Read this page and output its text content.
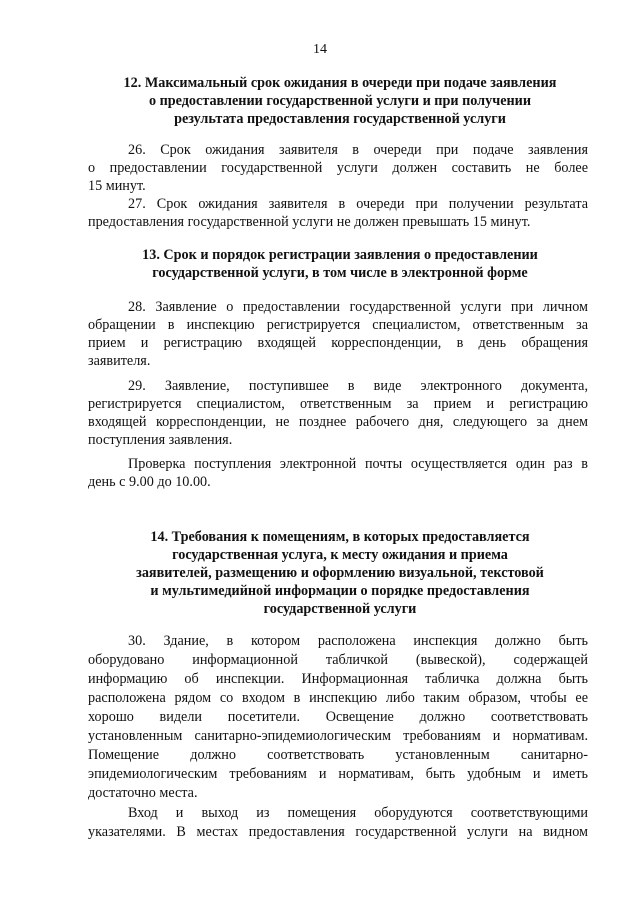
14
12. Максимальный срок ожидания в очереди при подаче заявления
о предоставлении государственной услуги и при получении
результата предоставления государственной услуги
26. Срок ожидания заявителя в очереди при подаче заявления
о предоставлении государственной услуги должен составить не более
15 минут.
27. Срок ожидания заявителя в очереди при получении результата
предоставления государственной услуги не должен превышать 15 минут.
13. Срок и порядок регистрации заявления о предоставлении
государственной услуги, в том числе в электронной форме
28. Заявление о предоставлении государственной услуги при личном
обращении в инспекцию регистрируется специалистом, ответственным за
прием и регистрацию входящей корреспонденции, в день обращения
заявителя.
29. Заявление, поступившее в виде электронного документа,
регистрируется специалистом, ответственным за прием и регистрацию
входящей корреспонденции, не позднее рабочего дня, следующего за днем
поступления заявления.
Проверка поступления электронной почты осуществляется один раз в
день с 9.00 до 10.00.
14. Требования к помещениям, в которых предоставляется
государственная услуга, к месту ожидания и приема
заявителей, размещению и оформлению визуальной, текстовой
и мультимедийной информации о порядке предоставления
государственной услуги
30. Здание, в котором расположена инспекция должно быть
оборудовано информационной табличкой (вывеской), содержащей
информацию об инспекции. Информационная табличка должна быть
расположена рядом со входом в инспекцию либо таким образом, чтобы ее
хорошо видели посетители. Освещение должно соответствовать
установленным санитарно-эпидемиологическим требованиям и нормативам.
Помещение должно соответствовать установленным санитарно-
эпидемиологическим требованиям и нормативам, быть удобным и иметь
достаточно места.
Вход и выход из помещения оборудуются соответствующими
указателями. В местах предоставления государственной услуги на видном
